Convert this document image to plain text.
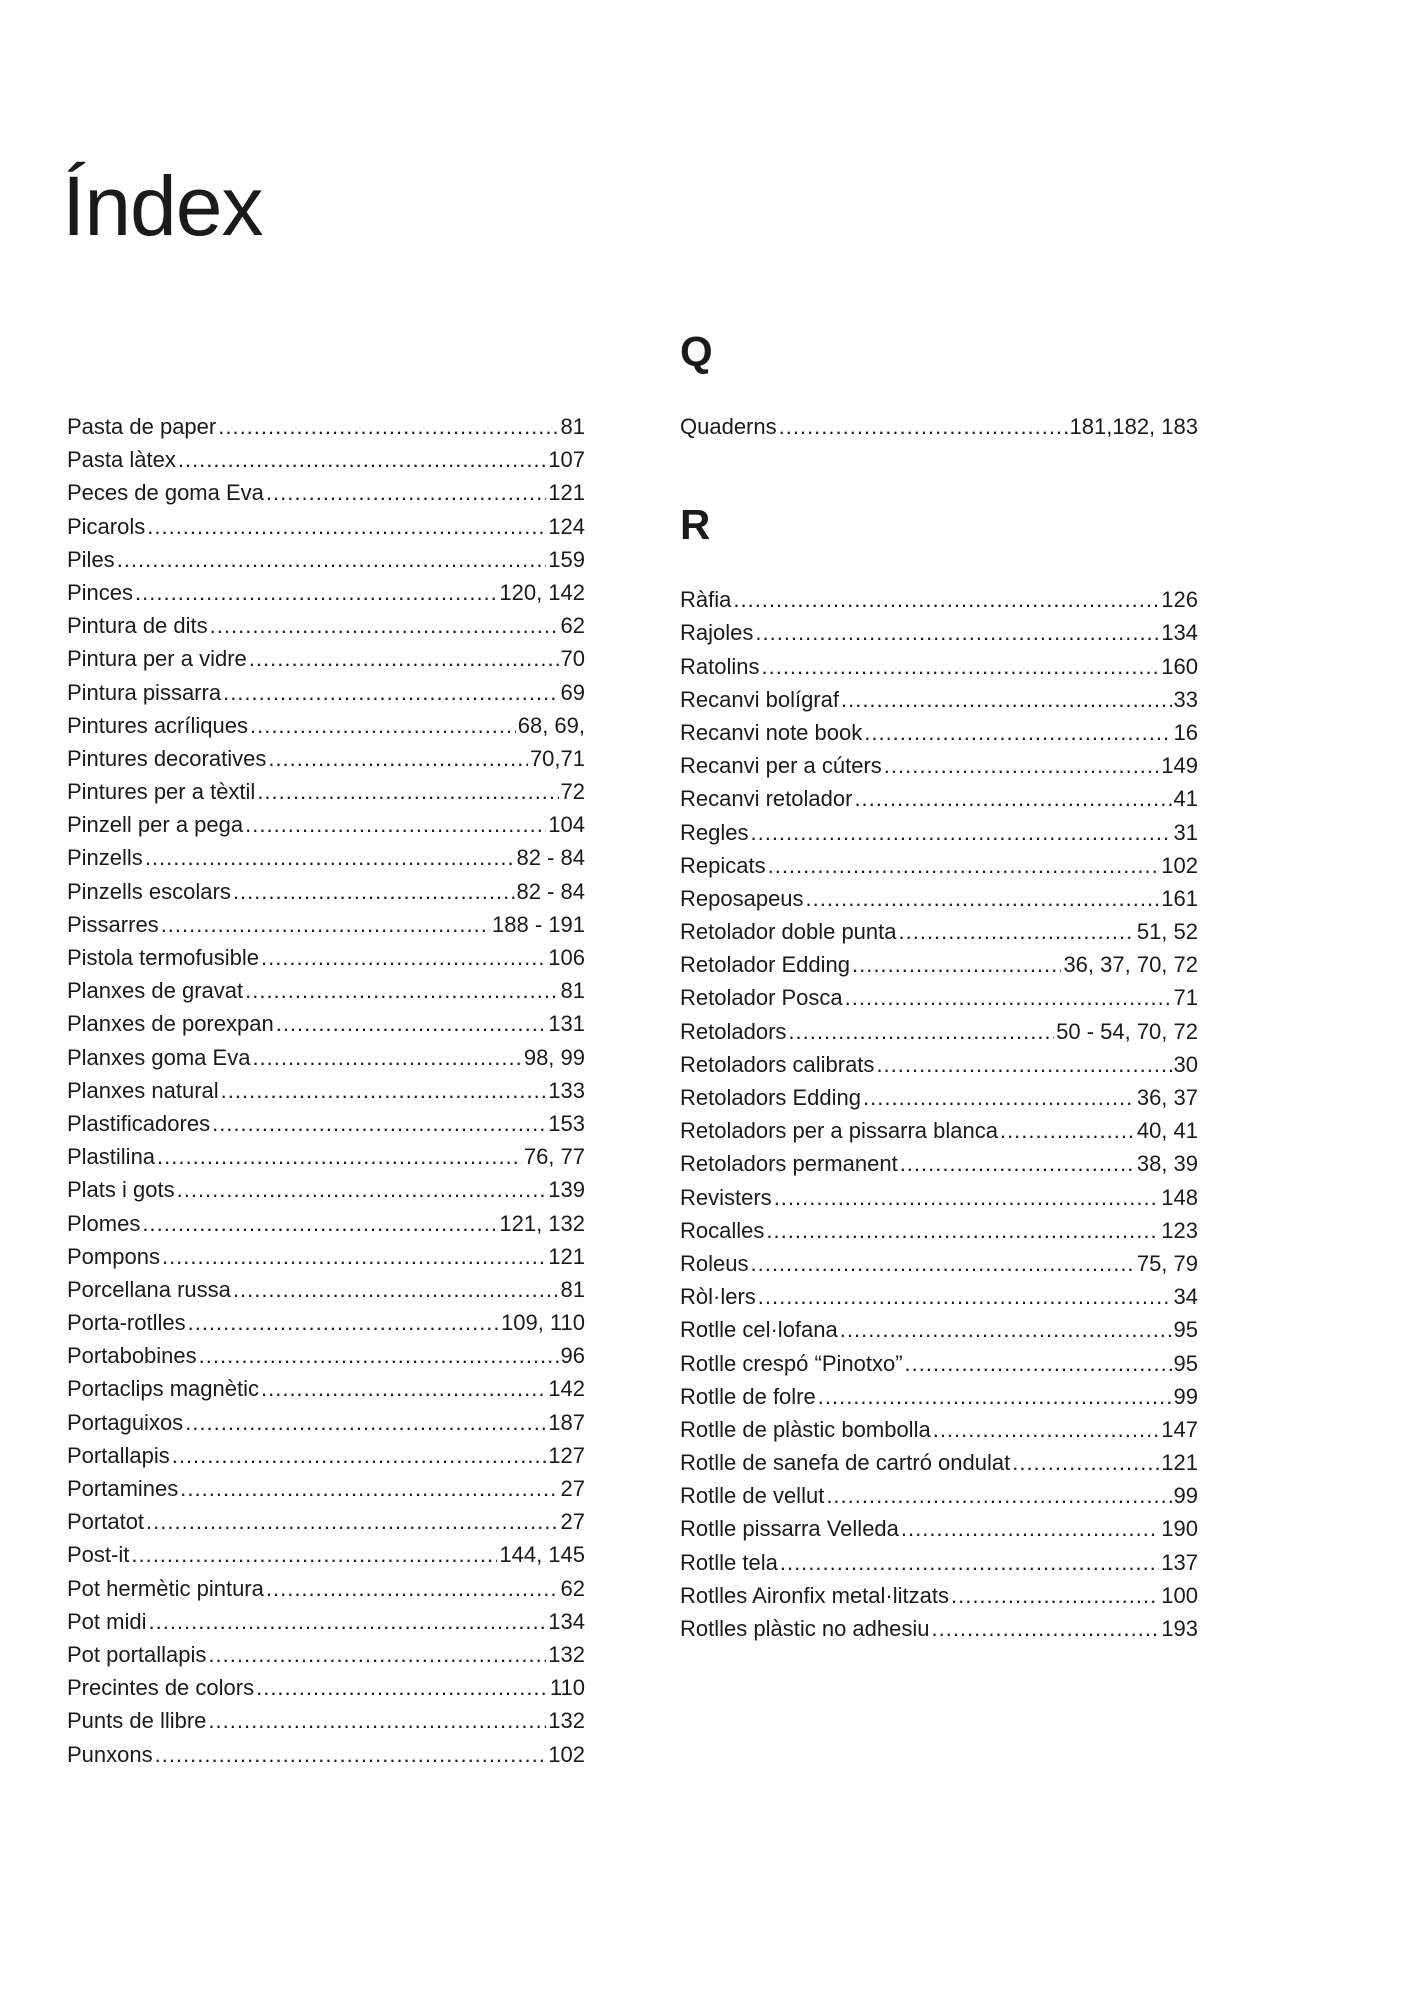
Índex
Pasta de paper .....	81
Pasta làtex .....	107
Peces de goma Eva .....	121
Picarols .....	124
Piles .....	159
Pinces .....	120, 142
Pintura de dits .....	62
Pintura per a vidre .....	70
Pintura pissarra .....	69
Pintures acríliques .....	68, 69,
Pintures decoratives .....	70,71
Pintures per a tèxtil .....	72
Pinzell per a pega .....	104
Pinzells .....	82 - 84
Pinzells escolars .....	82 - 84
Pissarres .....	188 - 191
Pistola termofusible .....	106
Planxes de gravat .....	81
Planxes de porexpan .....	131
Planxes goma Eva .....	98, 99
Planxes natural .....	133
Plastificadores .....	153
Plastilina .....	76, 77
Plats i gots .....	139
Plomes .....	121, 132
Pompons .....	121
Porcellana russa .....	81
Porta-rotlles .....	109, 110
Portabobines .....	96
Portaclips magnètic .....	142
Portaguixos .....	187
Portallapis .....	127
Portamines .....	27
Portatot .....	27
Post-it .....	144, 145
Pot hermètic pintura .....	62
Pot midi .....	134
Pot portallapis .....	132
Precintes de colors .....	110
Punts de llibre .....	132
Punxons .....	102
Q
Quaderns .....	181,182, 183
R
Ràfia .....	126
Rajoles .....	134
Ratolins .....	160
Recanvi bolígraf .....	33
Recanvi note book .....	16
Recanvi per a cúters .....	149
Recanvi retolador .....	41
Regles .....	31
Repicats .....	102
Reposapeus .....	161
Retolador doble punta .....	51, 52
Retolador Edding .....	36, 37, 70, 72
Retolador Posca .....	71
Retoladors .....	50 - 54, 70, 72
Retoladors calibrats .....	30
Retoladors Edding .....	36, 37
Retoladors per a pissarra blanca .....	40, 41
Retoladors permanent .....	38, 39
Revisters .....	148
Rocalles .....	123
Roleus .....	75, 79
Ròl·lers .....	34
Rotlle cel·lofana .....	95
Rotlle crespó “Pinotxo” .....	95
Rotlle de folre .....	99
Rotlle de plàstic bombolla .....	147
Rotlle de sanefa de cartró ondulat .....	121
Rotlle de vellut .....	99
Rotlle pissarra Velleda .....	190
Rotlle tela .....	137
Rotlles Aironfix metal·litzats .....	100
Rotlles plàstic no adhesiu .....	193
